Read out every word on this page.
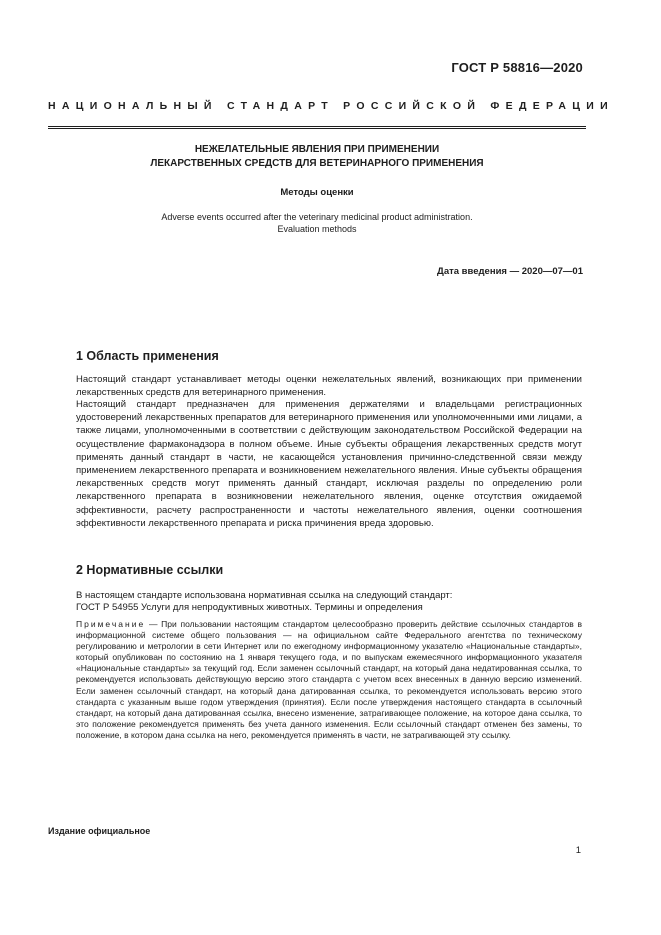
ГОСТ Р 58816—2020
НАЦИОНАЛЬНЫЙ СТАНДАРТ РОССИЙСКОЙ ФЕДЕРАЦИИ
НЕЖЕЛАТЕЛЬНЫЕ ЯВЛЕНИЯ ПРИ ПРИМЕНЕНИИ
ЛЕКАРСТВЕННЫХ СРЕДСТВ ДЛЯ ВЕТЕРИНАРНОГО ПРИМЕНЕНИЯ
Методы оценки
Adverse events occurred after the veterinary medicinal product administration.
Evaluation methods
Дата введения — 2020—07—01
1 Область применения

Настоящий стандарт устанавливает методы оценки нежелательных явлений, возникающих при применении лекарственных средств для ветеринарного применения.

Настоящий стандарт предназначен для применения держателями и владельцами регистрационных удостоверений лекарственных препаратов для ветеринарного применения или уполномоченными ими лицами, а также лицами, уполномоченными в соответствии с действующим законодательством Российской Федерации на осуществление фармаконадзора в полном объеме. Иные субъекты обращения лекарственных средств могут применять данный стандарт в части, не касающейся установления причинно-следственной связи между применением лекарственного препарата и возникновением нежелательного явления. Иные субъекты обращения лекарственных средств могут применять данный стандарт, исключая разделы по определению роли лекарственного препарата в возникновении нежелательного явления, оценке отсутствия ожидаемой эффективности, расчету распространенности и частоты нежелательного явления, оценки соотношения эффективности лекарственного препарата и риска причинения вреда здоровью.

2 Нормативные ссылки

В настоящем стандарте использована нормативная ссылка на следующий стандарт:

ГОСТ Р 54955 Услуги для непродуктивных животных. Термины и определения

Примечание — При пользовании настоящим стандартом целесообразно проверить действие ссылочных стандартов в информационной системе общего пользования — на официальном сайте Федерального агентства по техническому регулированию и метрологии в сети Интернет или по ежегодному информационному указателю «Национальные стандарты», который опубликован по состоянию на 1 января текущего года, и по выпускам ежемесячного информационного указателя «Национальные стандарты» за текущий год. Если заменен ссылочный стандарт, на который дана недатированная ссылка, то рекомендуется использовать действующую версию этого стандарта с учетом всех внесенных в данную версию изменений. Если заменен ссылочный стандарт, на который дана датированная ссылка, то рекомендуется использовать версию этого стандарта с указанным выше годом утверждения (принятия). Если после утверждения настоящего стандарта в ссылочный стандарт, на который дана датированная ссылка, внесено изменение, затрагивающее положение, на которое дана ссылка, то это положение рекомендуется применять без учета данного изменения. Если ссылочный стандарт отменен без замены, то положение, в котором дана ссылка на него, рекомендуется применять в части, не затрагивающей эту ссылку.

Издание официальное
1
